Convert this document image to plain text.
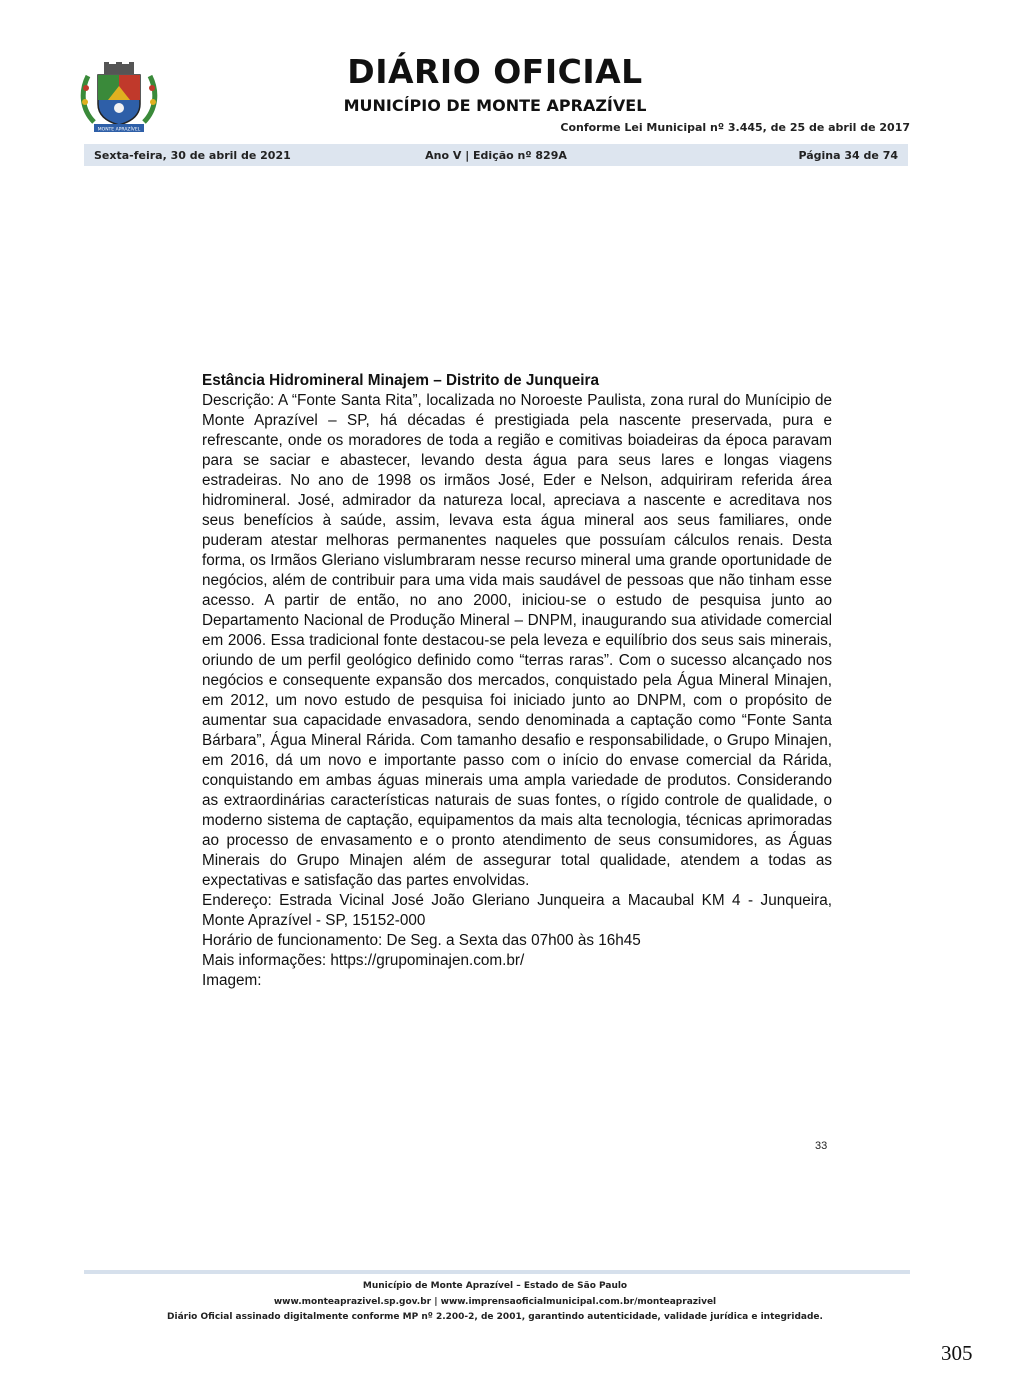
MONTE APRAZÍVEL
DIÁRIO OFICIAL
MUNICÍPIO DE MONTE APRAZÍVEL
Conforme Lei Municipal nº 3.445, de 25 de abril de 2017
Sexta-feira, 30 de abril de 2021	Ano V | Edição nº 829A	Página 34 de 74

Estância Hidromineral Minajem – Distrito de Junqueira

Descrição: A “Fonte Santa Rita”, localizada no Noroeste Paulista, zona rural do Munícipio de Monte Aprazível – SP, há décadas é prestigiada pela nascente preservada, pura e refrescante, onde os moradores de toda a região e comitivas boiadeiras da época paravam para se saciar e abastecer, levando desta água para seus lares e longas viagens estradeiras. No ano de 1998 os irmãos José, Eder e Nelson, adquiriram referida área hidromineral. José, admirador da natureza local, apreciava a nascente e acreditava nos seus benefícios à saúde, assim, levava esta água mineral aos seus familiares, onde puderam atestar melhoras permanentes naqueles que possuíam cálculos renais. Desta forma, os Irmãos Gleriano vislumbraram nesse recurso mineral uma grande oportunidade de negócios, além de contribuir para uma vida mais saudável de pessoas que não tinham esse acesso. A partir de então, no ano 2000, iniciou-se o estudo de pesquisa junto ao Departamento Nacional de Produção Mineral – DNPM, inaugurando sua atividade comercial em 2006. Essa tradicional fonte destacou-se pela leveza e equilíbrio dos seus sais minerais, oriundo de um perfil geológico definido como “terras raras”. Com o sucesso alcançado nos negócios e consequente expansão dos mercados, conquistado pela Água Mineral Minajen, em 2012, um novo estudo de pesquisa foi iniciado junto ao DNPM, com o propósito de aumentar sua capacidade envasadora, sendo denominada a captação como “Fonte Santa Bárbara”, Água Mineral Rárida. Com tamanho desafio e responsabilidade, o Grupo Minajen, em 2016, dá um novo e importante passo com o início do envase comercial da Rárida, conquistando em ambas águas minerais uma ampla variedade de produtos. Considerando as extraordinárias características naturais de suas fontes, o rígido controle de qualidade, o moderno sistema de captação, equipamentos da mais alta tecnologia, técnicas aprimoradas ao processo de envasamento e o pronto atendimento de seus consumidores, as Águas Minerais do Grupo Minajen além de assegurar total qualidade, atendem a todas as expectativas e satisfação das partes envolvidas.

Endereço: Estrada Vicinal José João Gleriano Junqueira a Macaubal KM 4 - Junqueira, Monte Aprazível - SP, 15152-000

Horário de funcionamento: De Seg. a Sexta das 07h00 às 16h45

Mais informações: https://grupominajen.com.br/

Imagem:

33
Município de Monte Aprazível – Estado de São Paulo
www.monteaprazivel.sp.gov.br | www.imprensaoficialmunicipal.com.br/monteaprazivel
Diário Oficial assinado digitalmente conforme MP nº 2.200-2, de 2001, garantindo autenticidade, validade jurídica e integridade.
305
